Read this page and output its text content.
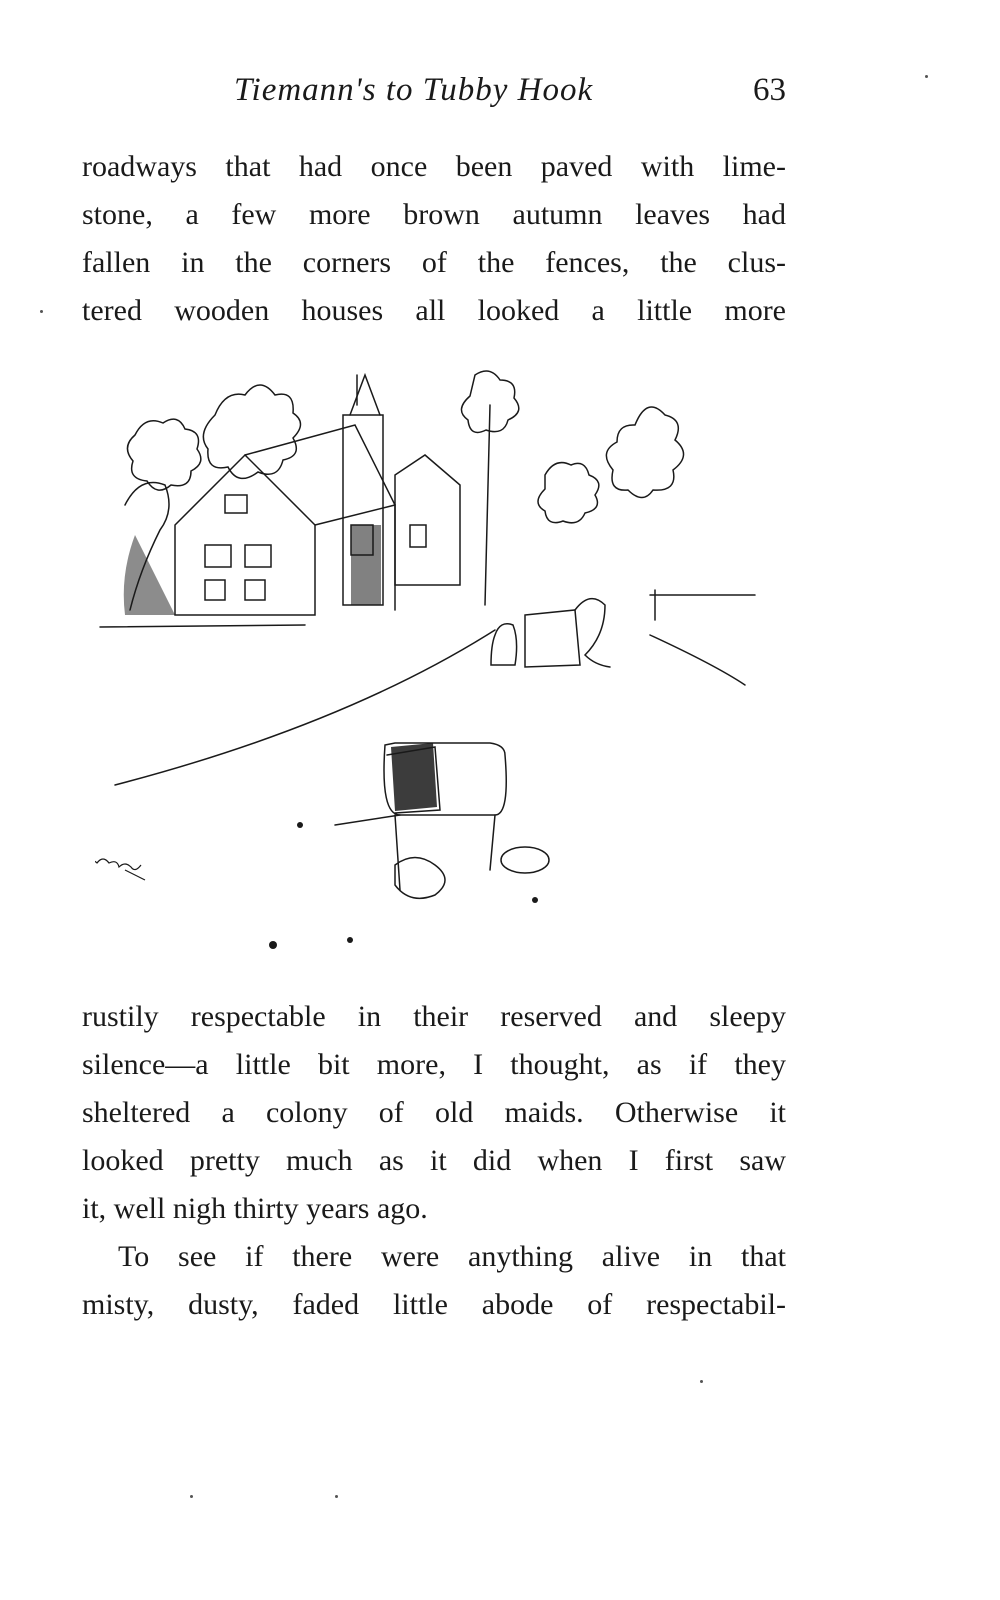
Tiemann's to Tubby Hook	63
roadways that had once been paved with lime-
stone, a few more brown autumn leaves had
fallen in the corners of the fences, the clus-
tered wooden houses all looked a little more
rustily respectable in their reserved and sleepy
silence—a little bit more, I thought, as if they
sheltered a colony of old maids. Otherwise it
looked pretty much as it did when I first saw
it, well nigh thirty years ago.
To see if there were anything alive in that
misty, dusty, faded little abode of respectabil-
